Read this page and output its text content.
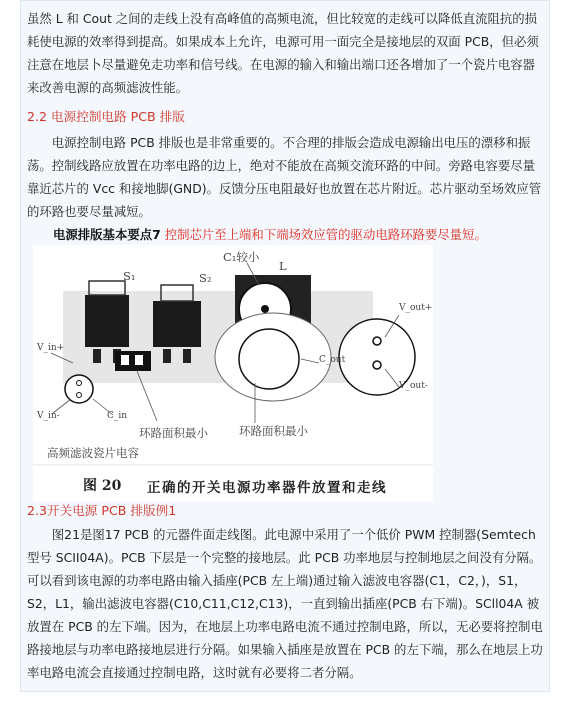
虽然 L 和 Cout 之间的走线上没有高峰值的高频电流，但比较宽的走线可以降低直流阻抗的损耗使电源的效率得到提高。如果成本上允许，电源可用一面完全是接地层的双面 PCB，但必须注意在地层卜尽量避免走功率和信号线。在电源的输入和输出端口还各增加了一个瓷片电容器来改善电源的高频滤波性能。

2.2 电源控制电路 PCB 排版

电源控制电路 PCB 排版也是非常重要的。不合理的排版会造成电源输出电压的漂移和振荡。控制线路应放置在功率电路的边上，绝对不能放在高频交流环路的中间。旁路电容要尽量靠近芯片的 Vcc 和接地脚(GND)。反馈分压电阻最好也放置在芯片附近。芯片驱动至场效应管的环路也要尽量减短。

电源排版基本要点7 控制芯片至上端和下端场效应管的驱动电路环路要尽量短。

S₁	S₂
C₁较小
L
V_out+
V_in+
C_out
V_in-	C_in
V_out-
环路面积最小	环路面积最小
高频滤波瓷片电容
图 20 正确的开关电源功率器件放置和走线

2.3开关电源 PCB 排版例1

图21是图17 PCB 的元器件面走线图。此电源中采用了一个低价 PWM 控制器(Semtech 型号 SCII04A)。PCB 下层是一个完整的接地层。此 PCB 功率地层与控制地层之间没有分隔。可以看到该电源的功率电路由输入插座(PCB 左上端)通过输入滤波电容器(C1，C2，)，S1，S2，L1，输出滤波电容器(C10,C11,C12,C13)，一直到输出插座(PCB 右下端)。SCll04A 被放置在 PCB 的左下端。因为，在地层上功率电路电流不通过控制电路，所以，无必要将控制电路接地层与功率电路接地层进行分隔。如果输入插座是放置在 PCB 的左下端，那么在地层上功率电路电流会直接通过控制电路，这时就有必要将二者分隔。
